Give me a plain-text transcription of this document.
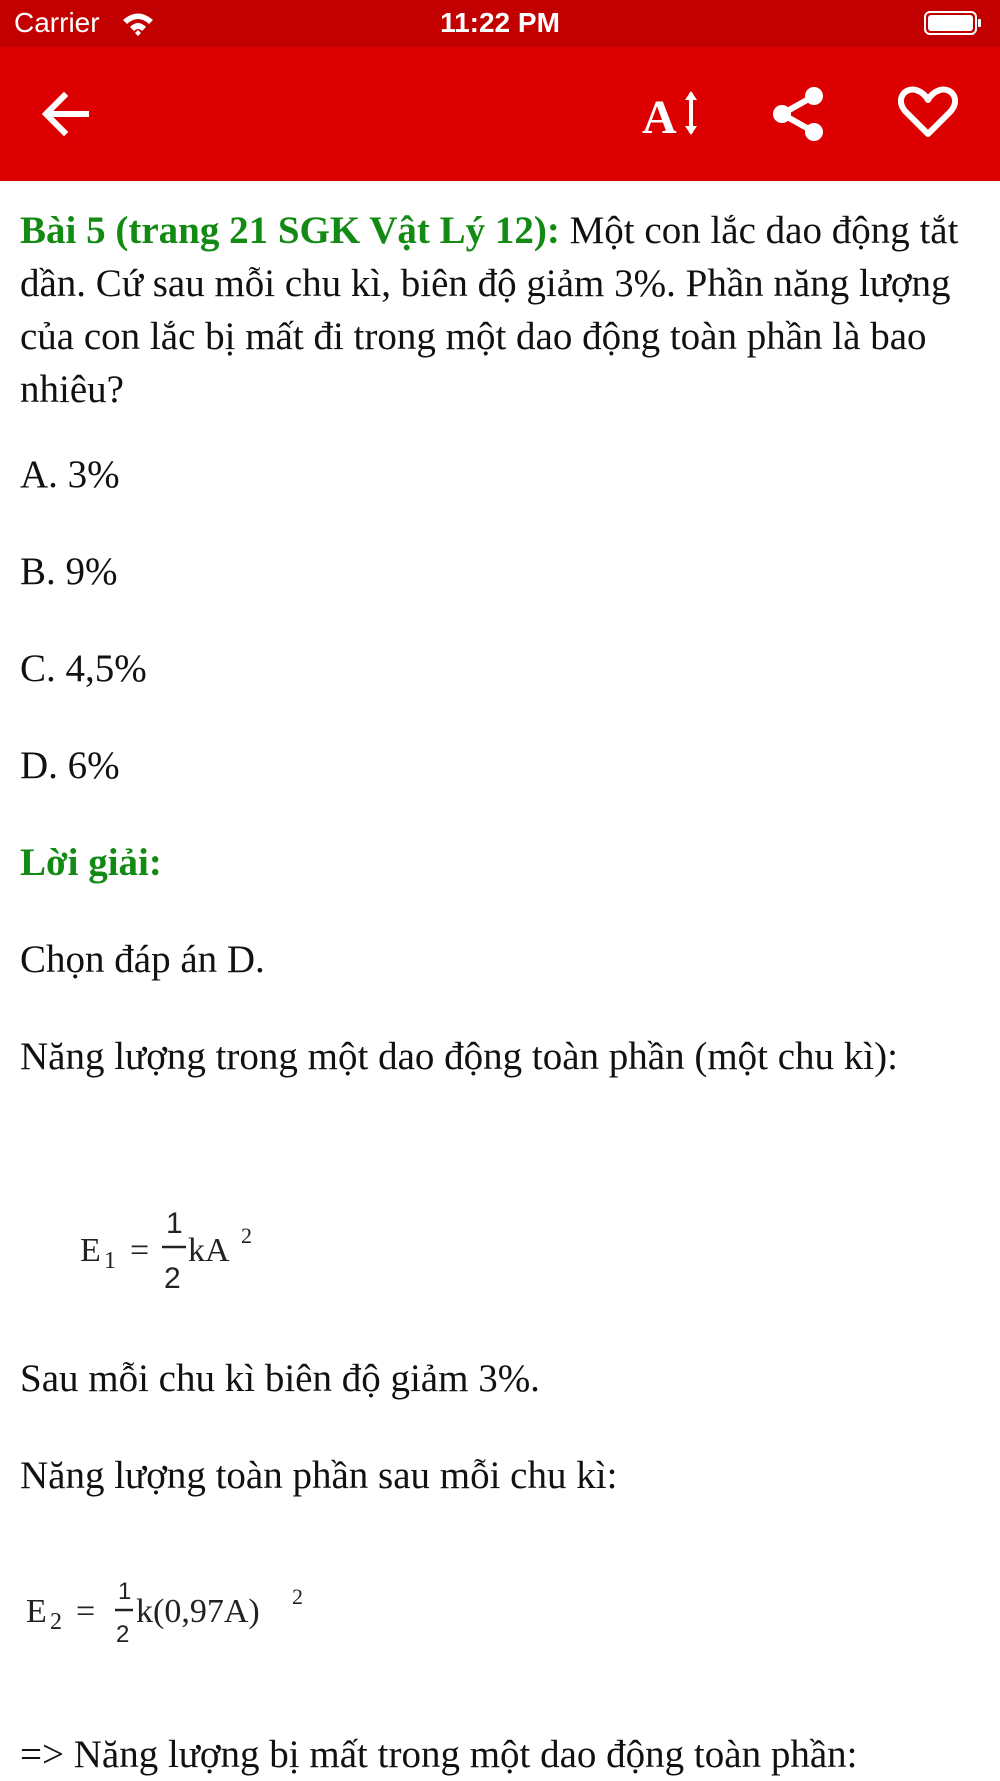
Carrier	11:22 PM
A

Bài 5 (trang 21 SGK Vật Lý 12): Một con lắc dao động tắt dần. Cứ sau mỗi chu kì, biên độ giảm 3%. Phần năng lượng của con lắc bị mất đi trong một dao động toàn phần là bao nhiêu?

A. 3%

B. 9%

C. 4,5%

D. 6%

Lời giải:

Chọn đáp án D.

Năng lượng trong một dao động toàn phần (một chu kì):

E 1 =
1
2
kA 2

Sau mỗi chu kì biên độ giảm 3%.

Năng lượng toàn phần sau mỗi chu kì:

E 2 =
1
2
k(0,97A) 2

=> Năng lượng bị mất trong một dao động toàn phần:
